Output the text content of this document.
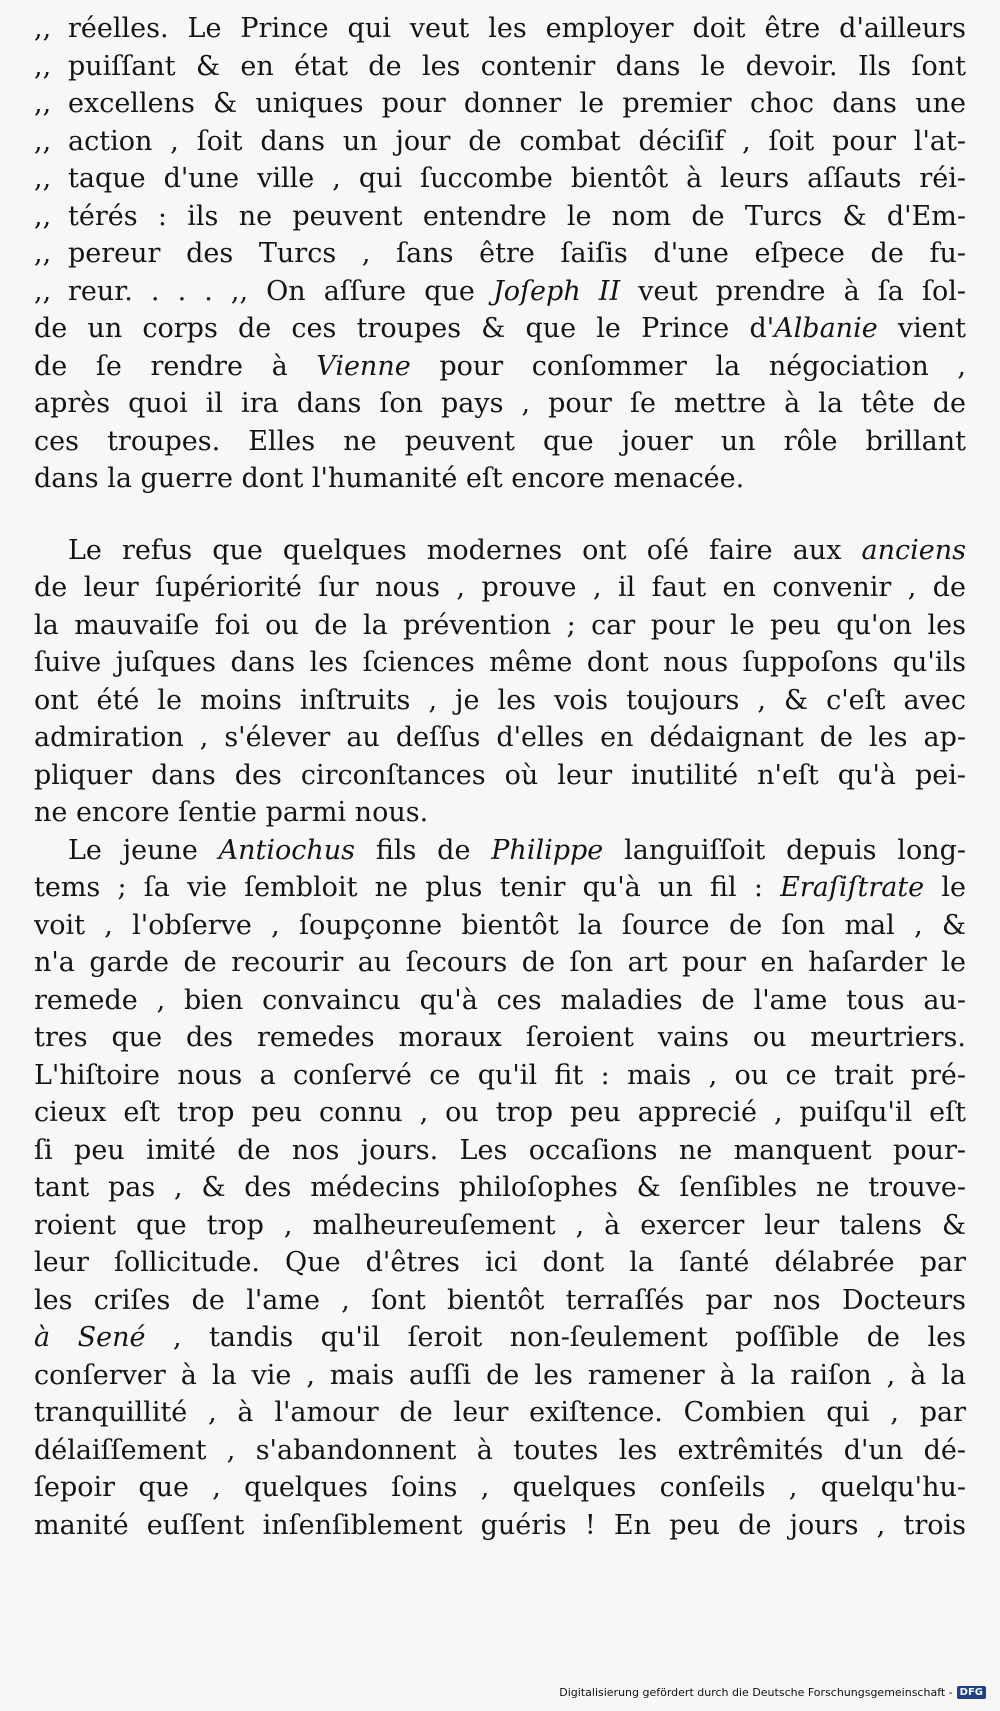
,, réelles. Le Prince qui veut les employer doit être d'ailleurs
,, puiſſant & en état de les contenir dans le devoir. Ils ſont
,, excellens & uniques pour donner le premier choc dans une
,, action , ſoit dans un jour de combat déciſif , ſoit pour l'at-
,, taque d'une ville , qui ſuccombe bientôt à leurs aſſauts réi-
,, térés : ils ne peuvent entendre le nom de Turcs & d'Em-
,, pereur des Turcs , ſans être ſaiſis d'une eſpece de fu-
,, reur. . . . ,, On aſſure que Joſeph II veut prendre à ſa ſol-
de un corps de ces troupes & que le Prince d'Albanie vient
de ſe rendre à Vienne pour conſommer la négociation ,
après quoi il ira dans ſon pays , pour ſe mettre à la tête de
ces troupes. Elles ne peuvent que jouer un rôle brillant
dans la guerre dont l'humanité eſt encore menacée.
Le refus que quelques modernes ont oſé faire aux anciens
de leur ſupériorité ſur nous , prouve , il faut en convenir , de
la mauvaiſe foi ou de la prévention ; car pour le peu qu'on les
ſuive juſques dans les ſciences même dont nous ſuppoſons qu'ils
ont été le moins inſtruits , je les vois toujours , & c'eſt avec
admiration , s'élever au deſſus d'elles en dédaignant de les ap-
pliquer dans des circonſtances où leur inutilité n'eſt qu'à pei-
ne encore ſentie parmi nous.
Le jeune Antiochus fils de Philippe languiſſoit depuis long-
tems ; ſa vie ſembloit ne plus tenir qu'à un fil : Eraſiſtrate le
voit , l'obſerve , ſoupçonne bientôt la ſource de ſon mal , &
n'a garde de recourir au ſecours de ſon art pour en haſarder le
remede , bien convaincu qu'à ces maladies de l'ame tous au-
tres que des remedes moraux ſeroient vains ou meurtriers.
L'hiſtoire nous a conſervé ce qu'il fit : mais , ou ce trait pré-
cieux eſt trop peu connu , ou trop peu apprecié , puiſqu'il eſt
ſi peu imité de nos jours. Les occaſions ne manquent pour-
tant pas , & des médecins philoſophes & ſenſibles ne trouve-
roient que trop , malheureuſement , à exercer leur talens &
leur ſollicitude. Que d'êtres ici dont la ſanté délabrée par
les criſes de l'ame , ſont bientôt terraſſés par nos Docteurs
à Sené , tandis qu'il ſeroit non-ſeulement poſſible de les
conſerver à la vie , mais auſſi de les ramener à la raiſon , à la
tranquillité , à l'amour de leur exiſtence. Combien qui , par
délaiſſement , s'abandonnent à toutes les extrêmités d'un dé-
ſepoir que , quelques ſoins , quelques conſeils , quelqu'hu-
manité euſſent inſenſiblement guéris ! En peu de jours , trois
Digitalisierung gefördert durch die Deutsche Forschungsgemeinschaft - DFG
